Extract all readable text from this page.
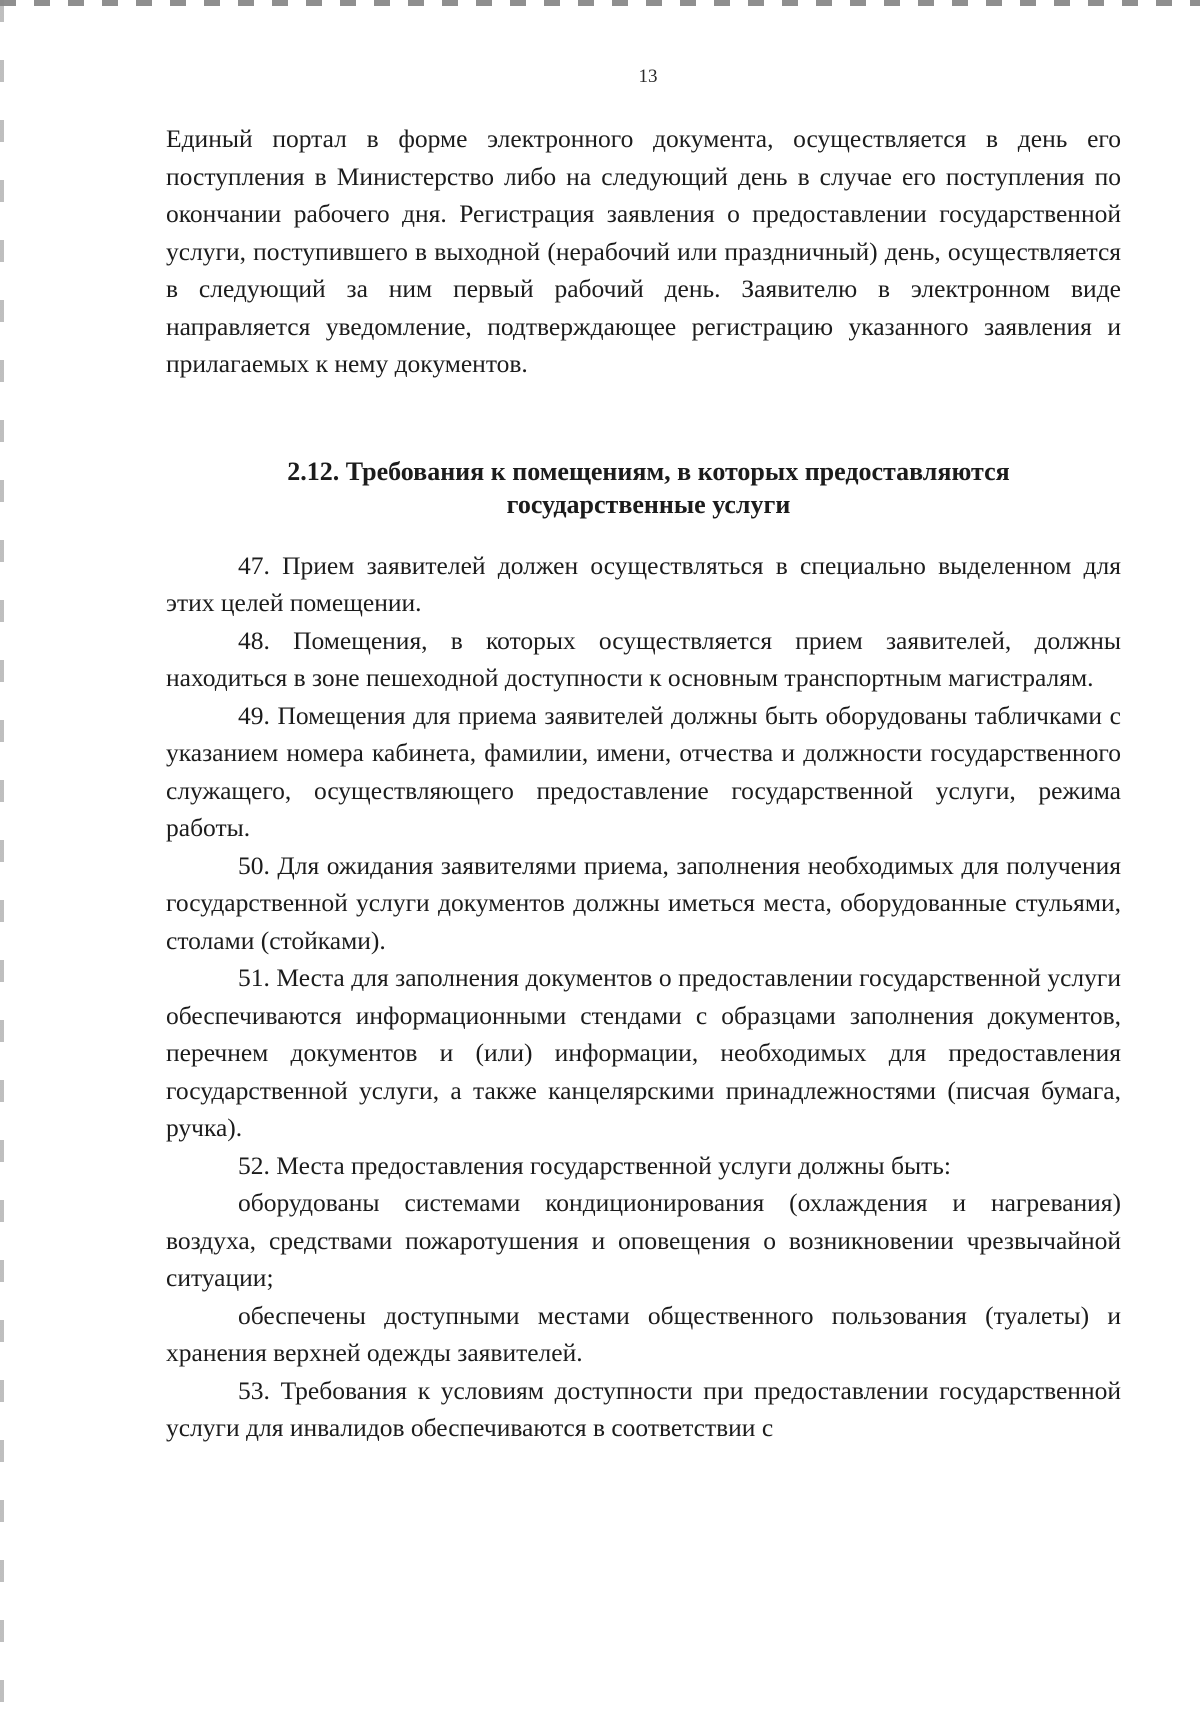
13

Единый портал в форме электронного документа, осуществляется в день его поступления в Министерство либо на следующий день в случае его поступления по окончании рабочего дня. Регистрация заявления о предоставлении государственной услуги, поступившего в выходной (нерабочий или праздничный) день, осуществляется в следующий за ним первый рабочий день. Заявителю в электронном виде направляется уведомление, подтверждающее регистрацию указанного заявления и прилагаемых к нему документов.

2.12. Требования к помещениям, в которых предоставляются
государственные услуги

47. Прием заявителей должен осуществляться в специально выделенном для этих целей помещении.

48. Помещения, в которых осуществляется прием заявителей, должны находиться в зоне пешеходной доступности к основным транспортным магистралям.

49. Помещения для приема заявителей должны быть оборудованы табличками с указанием номера кабинета, фамилии, имени, отчества и должности государственного служащего, осуществляющего предоставление государственной услуги, режима работы.

50. Для ожидания заявителями приема, заполнения необходимых для получения государственной услуги документов должны иметься места, оборудованные стульями, столами (стойками).

51. Места для заполнения документов о предоставлении государственной услуги обеспечиваются информационными стендами с образцами заполнения документов, перечнем документов и (или) информации, необходимых для предоставления государственной услуги, а также канцелярскими принадлежностями (писчая бумага, ручка).

52. Места предоставления государственной услуги должны быть:

оборудованы системами кондиционирования (охлаждения и нагревания) воздуха, средствами пожаротушения и оповещения о возникновении чрезвычайной ситуации;

обеспечены доступными местами общественного пользования (туалеты) и хранения верхней одежды заявителей.

53. Требования к условиям доступности при предоставлении государственной услуги для инвалидов обеспечиваются в соответствии с
